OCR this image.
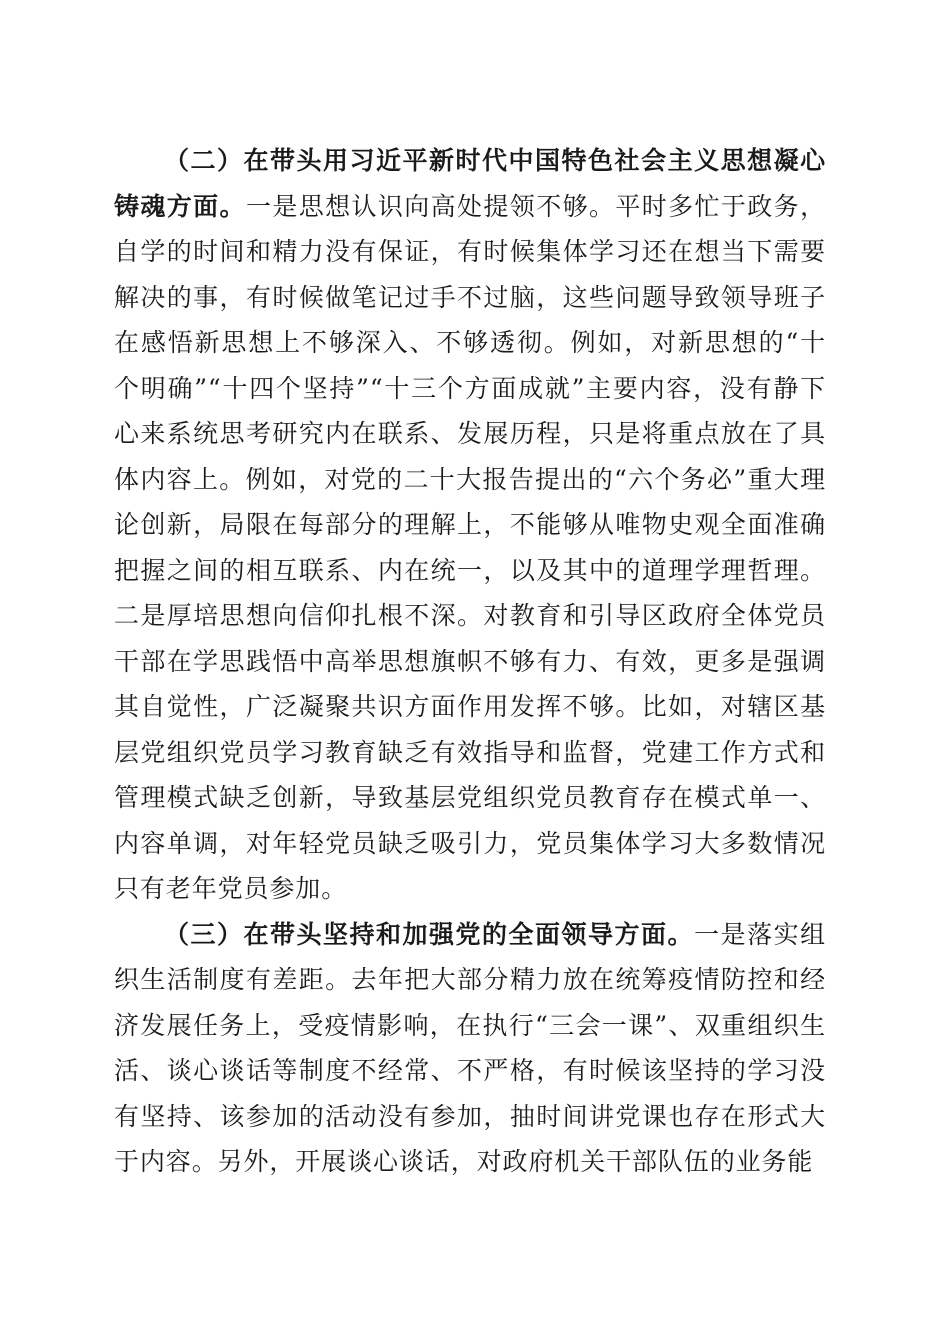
（二）在带头用习近平新时代中国特色社会主义思想凝心铸魂方面。一是思想认识向高处提领不够。平时多忙于政务，自学的时间和精力没有保证，有时候集体学习还在想当下需要解决的事，有时候做笔记过手不过脑，这些问题导致领导班子在感悟新思想上不够深入、不够透彻。例如，对新思想的“十个明确”“十四个坚持”“十三个方面成就”主要内容，没有静下心来系统思考研究内在联系、发展历程，只是将重点放在了具体内容上。例如，对党的二十大报告提出的“六个务必”重大理论创新，局限在每部分的理解上，不能够从唯物史观全面准确把握之间的相互联系、内在统一，以及其中的道理学理哲理。二是厚培思想向信仰扎根不深。对教育和引导区政府全体党员干部在学思践悟中高举思想旗帜不够有力、有效，更多是强调其自觉性，广泛凝聚共识方面作用发挥不够。比如，对辖区基层党组织党员学习教育缺乏有效指导和监督，党建工作方式和管理模式缺乏创新，导致基层党组织党员教育存在模式单一、内容单调，对年轻党员缺乏吸引力，党员集体学习大多数情况只有老年党员参加。

（三）在带头坚持和加强党的全面领导方面。一是落实组织生活制度有差距。去年把大部分精力放在统筹疫情防控和经济发展任务上，受疫情影响，在执行“三会一课”、双重组织生活、谈心谈话等制度不经常、不严格，有时候该坚持的学习没有坚持、该参加的活动没有参加，抽时间讲党课也存在形式大于内容。另外，开展谈心谈话，对政府机关干部队伍的业务能
